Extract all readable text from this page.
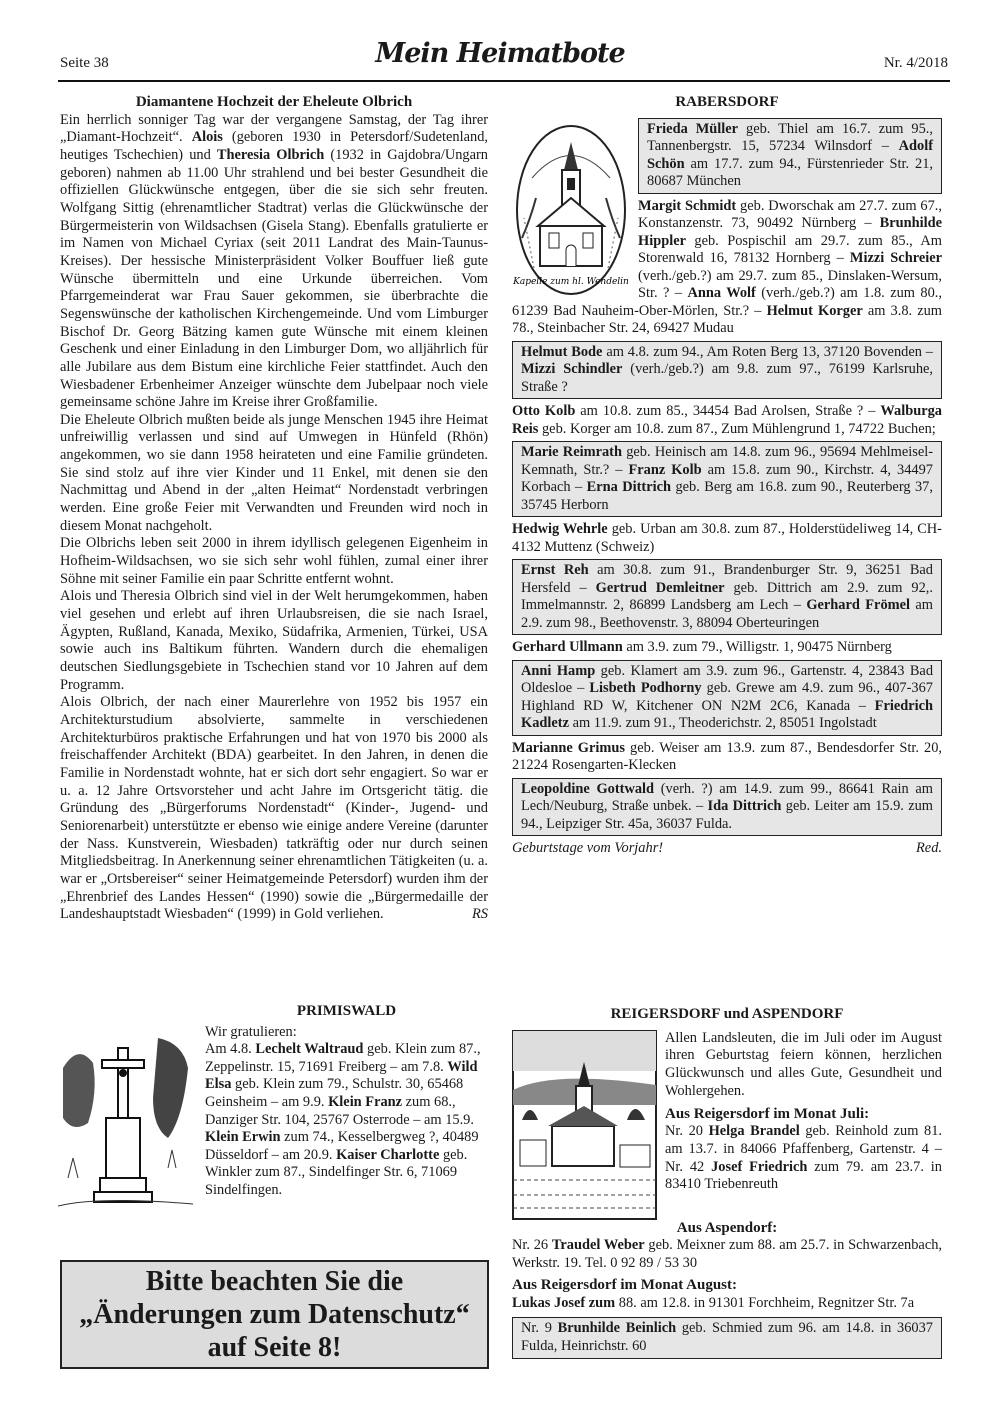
Seite 38	Mein Heimatbote	Nr. 4/2018

Diamantene Hochzeit der Eheleute Olbrich

Ein herrlich sonniger Tag war der vergangene Samstag, der Tag ihrer „Diamant-Hochzeit“. Alois (geboren 1930 in Petersdorf/Sudetenland, heutiges Tschechien) und Theresia Olbrich (1932 in Gajdobra/Ungarn geboren) nahmen ab 11.00 Uhr strahlend und bei bester Gesundheit die offiziellen Glückwünsche entgegen, über die sie sich sehr freuten. Wolfgang Sittig (ehrenamtlicher Stadtrat) verlas die Glückwünsche der Bürgermeisterin von Wildsachsen (Gisela Stang). Ebenfalls gratulierte er im Namen von Michael Cyriax (seit 2011 Landrat des Main-Taunus-Kreises). Der hessische Ministerpräsident Volker Bouffuer ließ gute Wünsche übermitteln und eine Urkunde überreichen. Vom Pfarrgemeinderat war Frau Sauer gekommen, sie überbrachte die Segenswünsche der katholischen Kirchengemeinde. Und vom Limburger Bischof Dr. Georg Bätzing kamen gute Wünsche mit einem kleinen Geschenk und einer Einladung in den Limburger Dom, wo alljährlich für alle Jubilare aus dem Bistum eine kirchliche Feier stattfindet. Auch den Wiesbadener Erbenheimer Anzeiger wünschte dem Jubelpaar noch viele gemeinsame schöne Jahre im Kreise ihrer Großfamilie.

Die Eheleute Olbrich mußten beide als junge Menschen 1945 ihre Heimat unfreiwillig verlassen und sind auf Umwegen in Hünfeld (Rhön) angekommen, wo sie dann 1958 heirateten und eine Familie gründeten. Sie sind stolz auf ihre vier Kinder und 11 Enkel, mit denen sie den Nachmittag und Abend in der „alten Heimat“ Nordenstadt verbringen werden. Eine große Feier mit Verwandten und Freunden wird noch in diesem Monat nachgeholt.

Die Olbrichs leben seit 2000 in ihrem idyllisch gelegenen Eigenheim in Hofheim-Wildsachsen, wo sie sich sehr wohl fühlen, zumal einer ihrer Söhne mit seiner Familie ein paar Schritte entfernt wohnt.

Alois und Theresia Olbrich sind viel in der Welt herumgekommen, haben viel gesehen und erlebt auf ihren Urlaubsreisen, die sie nach Israel, Ägypten, Rußland, Kanada, Mexiko, Südafrika, Armenien, Türkei, USA sowie auch ins Baltikum führten. Wandern durch die ehemaligen deutschen Siedlungsgebiete in Tschechien stand vor 10 Jahren auf dem Programm.

Alois Olbrich, der nach einer Maurerlehre von 1952 bis 1957 ein Architekturstudium absolvierte, sammelte in verschiedenen Architekturbüros praktische Erfahrungen und hat von 1970 bis 2000 als freischaffender Architekt (BDA) gearbeitet. In den Jahren, in denen die Familie in Nordenstadt wohnte, hat er sich dort sehr engagiert. So war er u. a. 12 Jahre Ortsvorsteher und acht Jahre im Ortsgericht tätig. die Gründung des „Bürgerforums Nordenstadt“ (Kinder-, Jugend- und Seniorenarbeit) unterstützte er ebenso wie einige andere Vereine (darunter der Nass. Kunstverein, Wiesbaden) tatkräftig oder nur durch seinen Mitgliedsbeitrag. In Anerkennung seiner ehrenamtlichen Tätigkeiten (u. a. war er „Ortsbereiser“ seiner Heimatgemeinde Petersdorf) wurden ihm der „Ehrenbrief des Landes Hessen“ (1990) sowie die „Bürgermedaille der Landeshauptstadt Wiesbaden“ (1999) in Gold verliehen.	RS

RABERSDORF

Kapelle zum hl. Wendelin
Frieda Müller geb. Thiel am 16.7. zum 95., Tannenbergstr. 15, 57234 Wilnsdorf – Adolf Schön am 17.7. zum 94., Fürstenrieder Str. 21, 80687 München

Margit Schmidt geb. Dworschak am 27.7. zum 67., Konstanzenstr. 73, 90492 Nürnberg – Brunhilde Hippler geb. Pospischil am 29.7. zum 85., Am Storenwald 16, 78132 Hornberg – Mizzi Schreier (verh./geb.?) am 29.7. zum 85., Dinslaken-Wersum, Str. ? – Anna Wolf (verh./geb.?) am 1.8. zum 80., 61239 Bad Nauheim-Ober-Mörlen, Str.? – Helmut Korger am 3.8. zum 78., Steinbacher Str. 24, 69427 Mudau

Helmut Bode am 4.8. zum 94., Am Roten Berg 13, 37120 Bovenden – Mizzi Schindler (verh./geb.?) am 9.8. zum 97., 76199 Karlsruhe, Straße ?

Otto Kolb am 10.8. zum 85., 34454 Bad Arolsen, Straße ? – Walburga Reis geb. Korger am 10.8. zum 87., Zum Mühlengrund 1, 74722 Buchen;

Marie Reimrath geb. Heinisch am 14.8. zum 96., 95694 Mehlmeisel-Kemnath, Str.? – Franz Kolb am 15.8. zum 90., Kirchstr. 4, 34497 Korbach – Erna Dittrich geb. Berg am 16.8. zum 90., Reuterberg 37, 35745 Herborn

Hedwig Wehrle geb. Urban am 30.8. zum 87., Holderstüdeliweg 14, CH-4132 Muttenz (Schweiz)

Ernst Reh am 30.8. zum 91., Brandenburger Str. 9, 36251 Bad Hersfeld – Gertrud Demleitner geb. Dittrich am 2.9. zum 92,. Immelmannstr. 2, 86899 Landsberg am Lech – Gerhard Frömel am 2.9. zum 98., Beethovenstr. 3, 88094 Oberteuringen

Gerhard Ullmann am 3.9. zum 79., Willigstr. 1, 90475 Nürnberg

Anni Hamp geb. Klamert am 3.9. zum 96., Gartenstr. 4, 23843 Bad Oldesloe – Lisbeth Podhorny geb. Grewe am 4.9. zum 96., 407-367 Highland RD W, Kitchener ON N2M 2C6, Kanada – Friedrich Kadletz am 11.9. zum 91., Theoderichstr. 2, 85051 Ingolstadt

Marianne Grimus geb. Weiser am 13.9. zum 87., Bendesdorfer Str. 20, 21224 Rosengarten-Klecken

Leopoldine Gottwald (verh. ?) am 14.9. zum 99., 86641 Rain am Lech/Neuburg, Straße unbek. – Ida Dittrich geb. Leiter am 15.9. zum 94., Leipziger Str. 45a, 36037 Fulda.
Geburtstage vom Vorjahr!	Red.

PRIMISWALD

Wir gratulieren:

Am 4.8. Lechelt Waltraud geb. Klein zum 87., Zeppelinstr. 15, 71691 Freiberg – am 7.8. Wild Elsa geb. Klein zum 79., Schulstr. 30, 65468 Geinsheim – am 9.9. Klein Franz zum 68., Danziger Str. 104, 25767 Osterrode – am 15.9. Klein Erwin zum 74., Kesselbergweg ?, 40489 Düsseldorf – am 20.9. Kaiser Charlotte geb. Winkler zum 87., Sindelfinger Str. 6, 71069 Sindelfingen.

Bitte beachten Sie die
„Änderungen zum Datenschutz“
auf Seite 8!

REIGERSDORF und ASPENDORF

Allen Landsleuten, die im Juli oder im August ihren Geburtstag feiern können, herzlichen Glückwunsch und alles Gute, Gesundheit und Wohlergehen.

Aus Reigersdorf im Monat Juli:

Nr. 20 Helga Brandel geb. Reinhold zum 81. am 13.7. in 84066 Pfaffenberg, Gartenstr. 4 – Nr. 42 Josef Friedrich zum 79. am 23.7. in 83410 Triebenreuth

Aus Aspendorf:

Nr. 26 Traudel Weber geb. Meixner zum 88. am 25.7. in Schwarzenbach, Werkstr. 19. Tel. 0 92 89 / 53 30

Aus Reigersdorf im Monat August:

Lukas Josef zum 88. am 12.8. in 91301 Forchheim, Regnitzer Str. 7a

Nr. 9 Brunhilde Beinlich geb. Schmied zum 96. am 14.8. in 36037 Fulda, Heinrichstr. 60
